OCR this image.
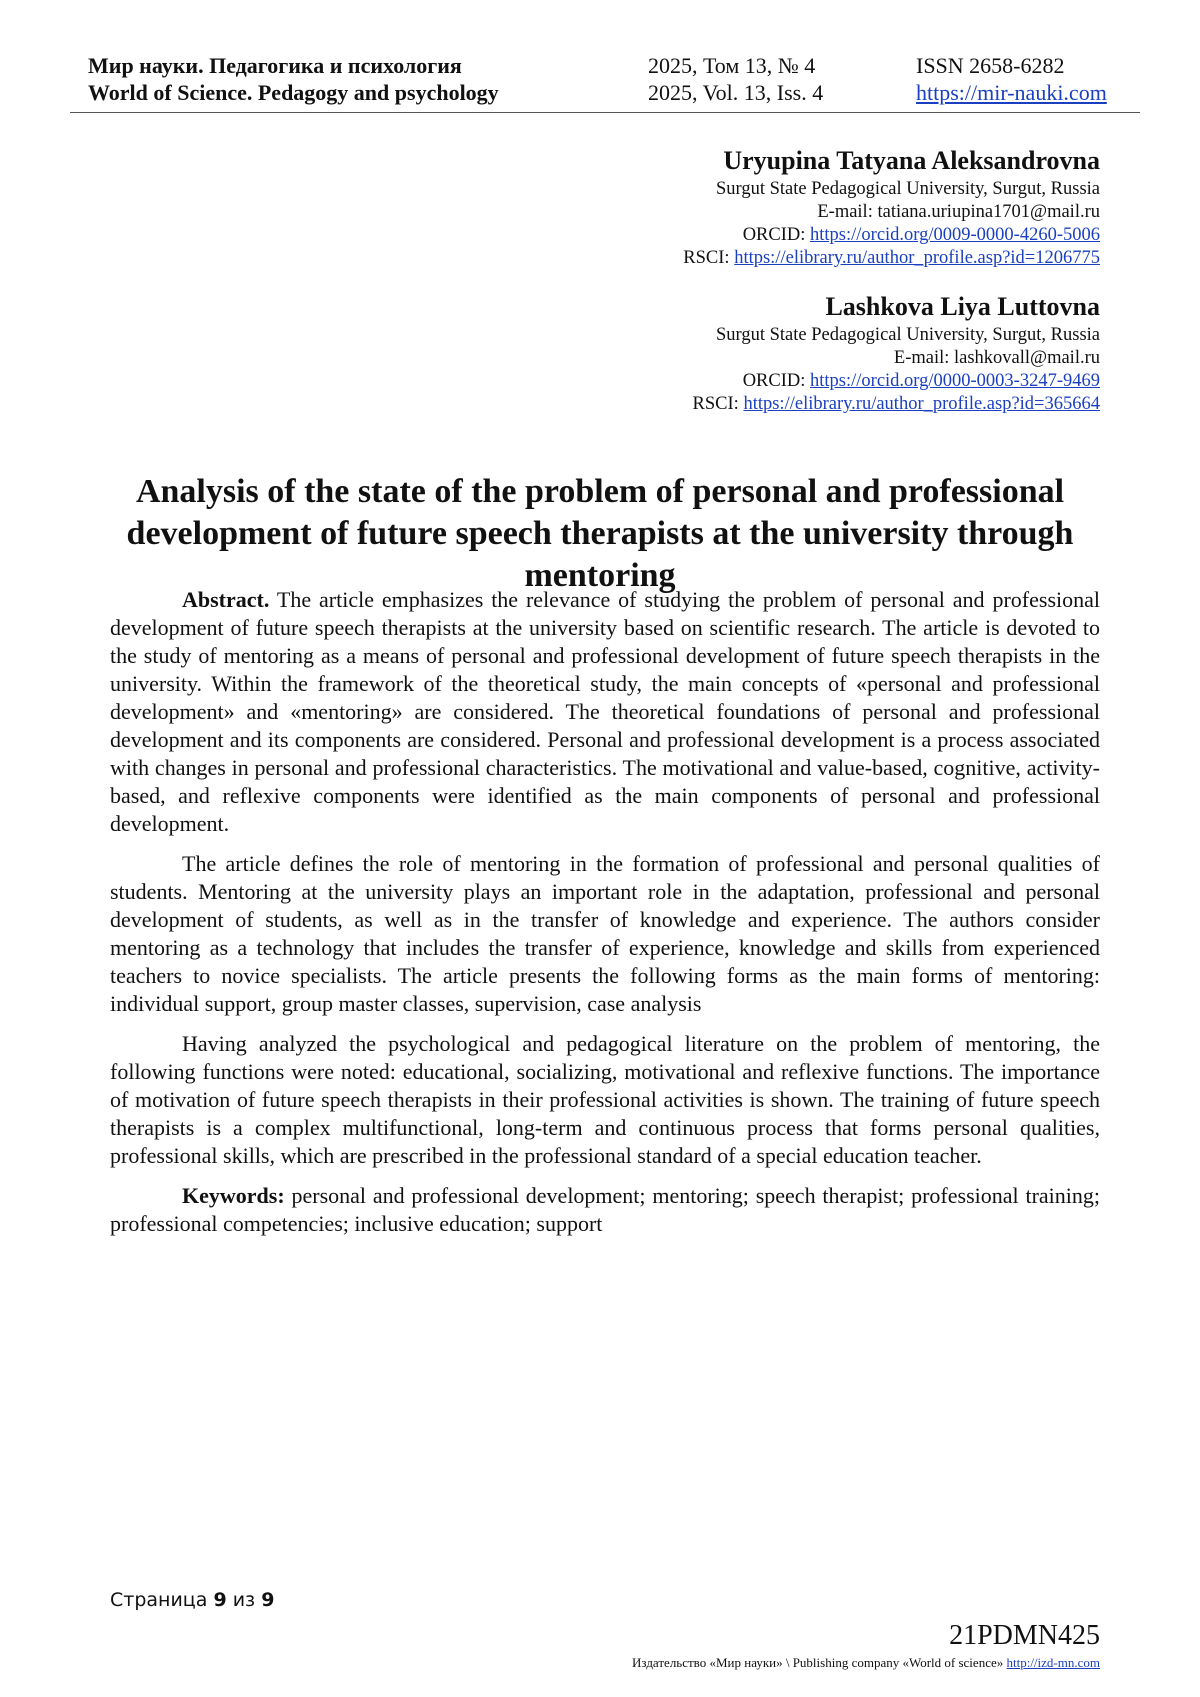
Мир науки. Педагогика и психология	2025, Том 13, № 4	ISSN 2658-6282
World of Science. Pedagogy and psychology	2025, Vol. 13, Iss. 4	https://mir-nauki.com
Uryupina Tatyana Aleksandrovna
Surgut State Pedagogical University, Surgut, Russia
E-mail: tatiana.uriupina1701@mail.ru
ORCID: https://orcid.org/0009-0000-4260-5006
RSCI: https://elibrary.ru/author_profile.asp?id=1206775
Lashkova Liya Luttovna
Surgut State Pedagogical University, Surgut, Russia
E-mail: lashkovall@mail.ru
ORCID: https://orcid.org/0000-0003-3247-9469
RSCI: https://elibrary.ru/author_profile.asp?id=365664
Analysis of the state of the problem of personal and professional development of future speech therapists at the university through mentoring

Abstract. The article emphasizes the relevance of studying the problem of personal and professional development of future speech therapists at the university based on scientific research. The article is devoted to the study of mentoring as a means of personal and professional development of future speech therapists in the university. Within the framework of the theoretical study, the main concepts of «personal and professional development» and «mentoring» are considered. The theoretical foundations of personal and professional development and its components are considered. Personal and professional development is a process associated with changes in personal and professional characteristics. The motivational and value-based, cognitive, activity-based, and reflexive components were identified as the main components of personal and professional development.

The article defines the role of mentoring in the formation of professional and personal qualities of students. Mentoring at the university plays an important role in the adaptation, professional and personal development of students, as well as in the transfer of knowledge and experience. The authors consider mentoring as a technology that includes the transfer of experience, knowledge and skills from experienced teachers to novice specialists. The article presents the following forms as the main forms of mentoring: individual support, group master classes, supervision, case analysis

Having analyzed the psychological and pedagogical literature on the problem of mentoring, the following functions were noted: educational, socializing, motivational and reflexive functions. The importance of motivation of future speech therapists in their professional activities is shown. The training of future speech therapists is a complex multifunctional, long-term and continuous process that forms personal qualities, professional skills, which are prescribed in the professional standard of a special education teacher.

Keywords: personal and professional development; mentoring; speech therapist; professional training; professional competencies; inclusive education; support

Страница 9 из 9
21PDMN425
Издательство «Мир науки» \ Publishing company «World of science» http://izd-mn.com
